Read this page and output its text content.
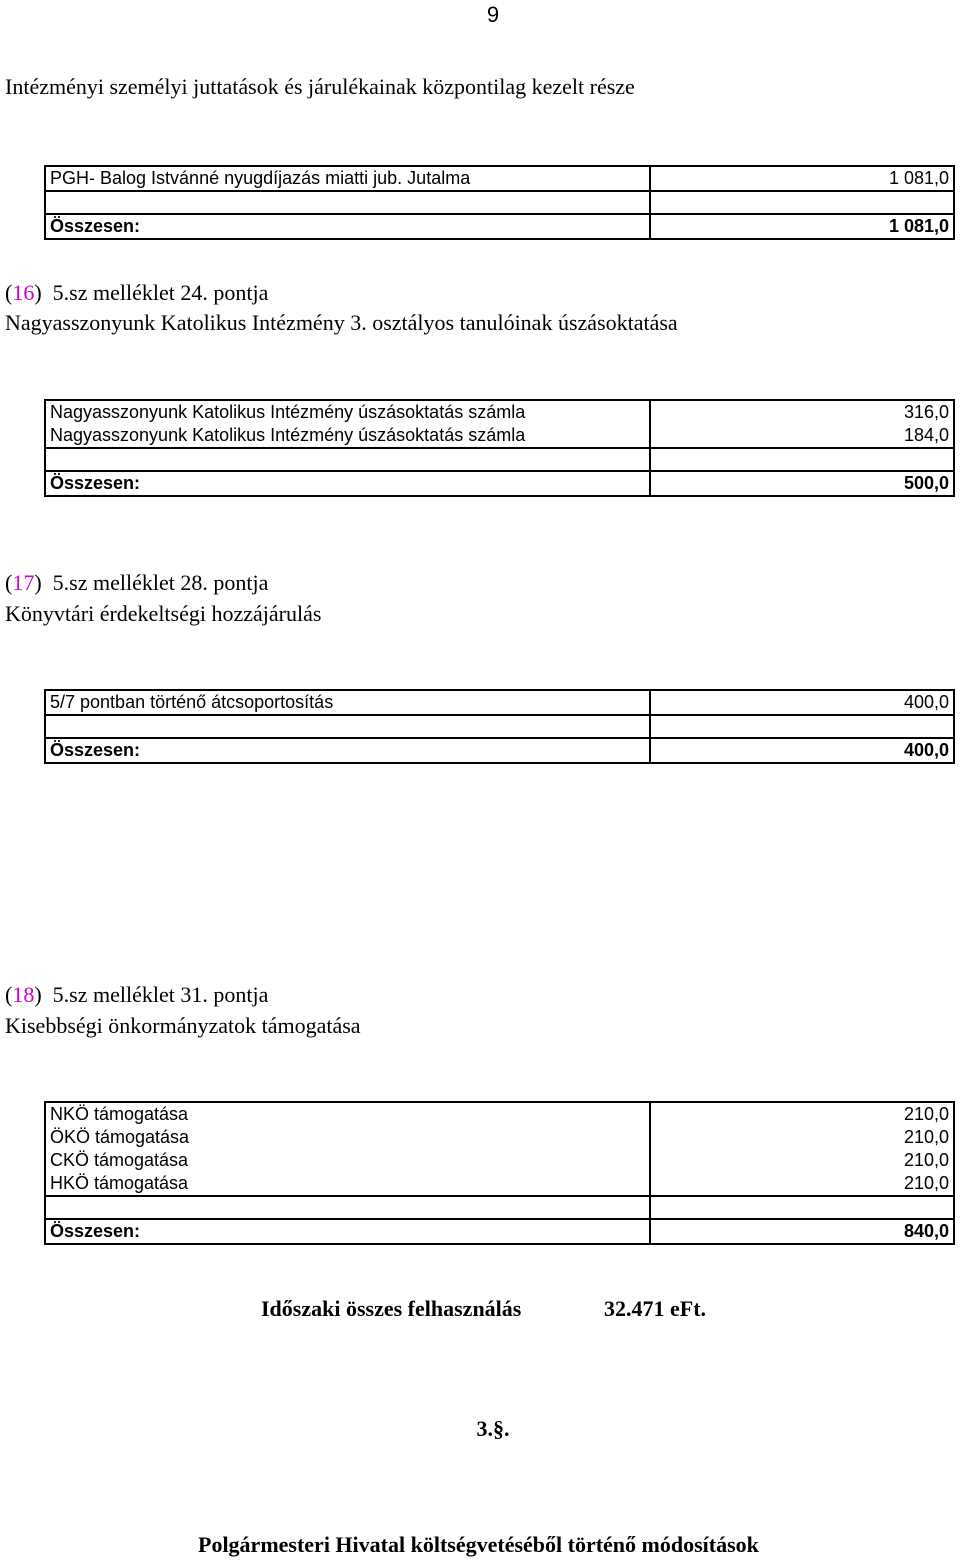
9
Intézményi személyi juttatások és járulékainak központilag kezelt része
PGH- Balog Istvánné nyugdíjazás miatti jub. Jutalma	1 081,0

Összesen:	1 081,0
(16)  5.sz melléklet 24. pontja
Nagyasszonyunk Katolikus Intézmény 3. osztályos tanulóinak úszásoktatása
Nagyasszonyunk Katolikus Intézmény úszásoktatás számla	316,0
Nagyasszonyunk Katolikus Intézmény úszásoktatás számla	184,0

Összesen:	500,0
(17)  5.sz melléklet 28. pontja
Könyvtári érdekeltségi hozzájárulás
5/7 pontban történő átcsoportosítás	400,0

Összesen:	400,0
(18)  5.sz melléklet 31. pontja
Kisebbségi önkormányzatok támogatása
NKÖ támogatása	210,0
ÖKÖ támogatása	210,0
CKÖ támogatása	210,0
HKÖ támogatása	210,0

Összesen:	840,0
Időszaki összes felhasználás	32.471 eFt.
3.§.
Polgármesteri Hivatal költségvetéséből történő módosítások
